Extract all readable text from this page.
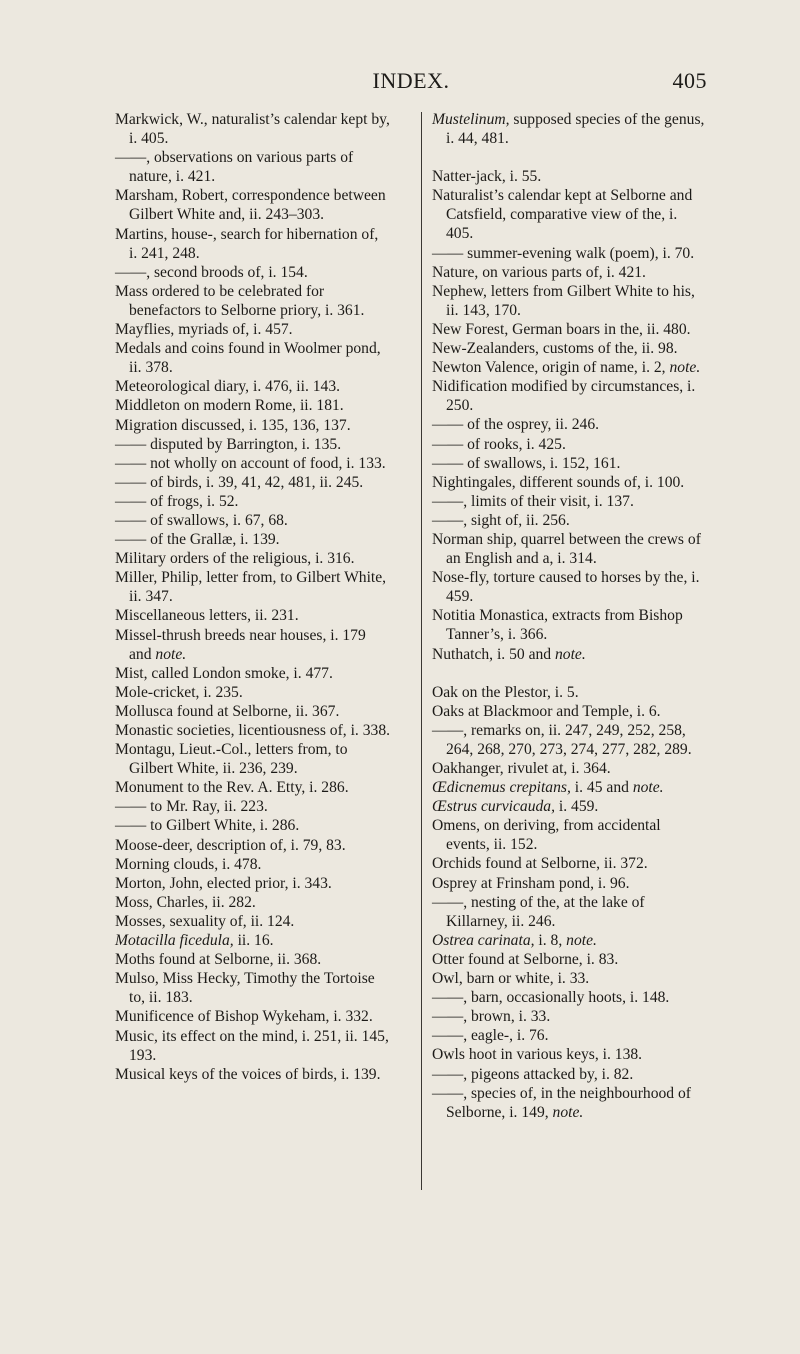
INDEX.	405
Markwick, W., naturalist’s calendar kept by, i. 405.
——, observations on various parts of nature, i. 421.
Marsham, Robert, correspondence between Gilbert White and, ii. 243–303.
Martins, house-, search for hibernation of, i. 241, 248.
——, second broods of, i. 154.
Mass ordered to be celebrated for benefactors to Selborne priory, i. 361.
Mayflies, myriads of, i. 457.
Medals and coins found in Woolmer pond, ii. 378.
Meteorological diary, i. 476, ii. 143.
Middleton on modern Rome, ii. 181.
Migration discussed, i. 135, 136, 137.
—— disputed by Barrington, i. 135.
—— not wholly on account of food, i. 133.
—— of birds, i. 39, 41, 42, 481, ii. 245.
—— of frogs, i. 52.
—— of swallows, i. 67, 68.
—— of the Grallæ, i. 139.
Military orders of the religious, i. 316.
Miller, Philip, letter from, to Gilbert White, ii. 347.
Miscellaneous letters, ii. 231.
Missel-thrush breeds near houses, i. 179 and note.
Mist, called London smoke, i. 477.
Mole-cricket, i. 235.
Mollusca found at Selborne, ii. 367.
Monastic societies, licentiousness of, i. 338.
Montagu, Lieut.-Col., letters from, to Gilbert White, ii. 236, 239.
Monument to the Rev. A. Etty, i. 286.
—— to Mr. Ray, ii. 223.
—— to Gilbert White, i. 286.
Moose-deer, description of, i. 79, 83.
Morning clouds, i. 478.
Morton, John, elected prior, i. 343.
Moss, Charles, ii. 282.
Mosses, sexuality of, ii. 124.
Motacilla ficedula, ii. 16.
Moths found at Selborne, ii. 368.
Mulso, Miss Hecky, Timothy the Tortoise to, ii. 183.
Munificence of Bishop Wykeham, i. 332.
Music, its effect on the mind, i. 251, ii. 145, 193.
Musical keys of the voices of birds, i. 139.
Mustelinum, supposed species of the genus, i. 44, 481.
Natter-jack, i. 55.
Naturalist’s calendar kept at Selborne and Catsfield, comparative view of the, i. 405.
—— summer-evening walk (poem), i. 70.
Nature, on various parts of, i. 421.
Nephew, letters from Gilbert White to his, ii. 143, 170.
New Forest, German boars in the, ii. 480.
New-Zealanders, customs of the, ii. 98.
Newton Valence, origin of name, i. 2, note.
Nidification modified by circumstances, i. 250.
—— of the osprey, ii. 246.
—— of rooks, i. 425.
—— of swallows, i. 152, 161.
Nightingales, different sounds of, i. 100.
——, limits of their visit, i. 137.
——, sight of, ii. 256.
Norman ship, quarrel between the crews of an English and a, i. 314.
Nose-fly, torture caused to horses by the, i. 459.
Notitia Monastica, extracts from Bishop Tanner’s, i. 366.
Nuthatch, i. 50 and note.
Oak on the Plestor, i. 5.
Oaks at Blackmoor and Temple, i. 6.
——, remarks on, ii. 247, 249, 252, 258, 264, 268, 270, 273, 274, 277, 282, 289.
Oakhanger, rivulet at, i. 364.
Œdicnemus crepitans, i. 45 and note.
Œstrus curvicauda, i. 459.
Omens, on deriving, from accidental events, ii. 152.
Orchids found at Selborne, ii. 372.
Osprey at Frinsham pond, i. 96.
——, nesting of the, at the lake of Killarney, ii. 246.
Ostrea carinata, i. 8, note.
Otter found at Selborne, i. 83.
Owl, barn or white, i. 33.
——, barn, occasionally hoots, i. 148.
——, brown, i. 33.
——, eagle-, i. 76.
Owls hoot in various keys, i. 138.
——, pigeons attacked by, i. 82.
——, species of, in the neighbourhood of Selborne, i. 149, note.
